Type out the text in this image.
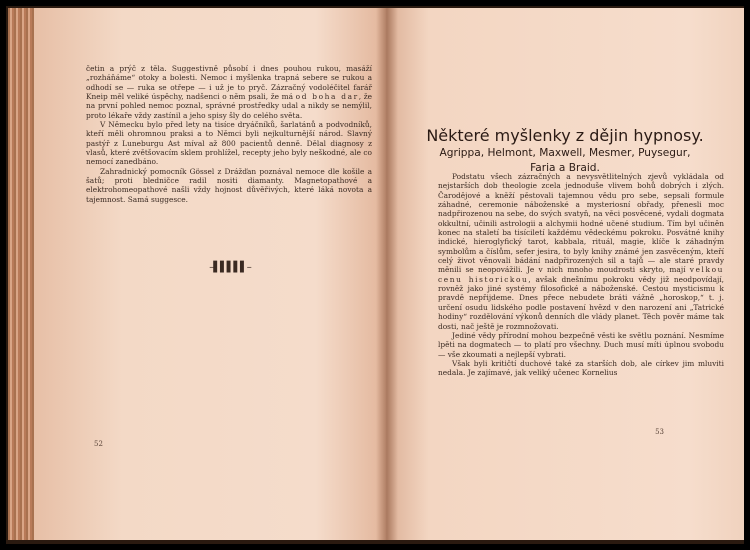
četin a prýč z těla. Suggestivně působí i dnes pouhou rukou, masáží „rozháňáme“ otoky a bolesti. Nemoc i myšlenka trapná sebere se rukou a odhodí se — ruka se otřepe — i už je to pryč. Zázračný vodoléčitel farář Kneip měl veliké úspěchy, nadšenci o něm psali, že má od boha dar, že na první pohled nemoc poznal, správné prostředky udal a nikdy se nemýlil, proto lékaře vždy zastínil a jeho spisy šly do celého světa.

V Německu bylo před lety na tisíce dryáčníků, šarlatánů a podvodníků, kteří měli ohromnou praksi a to Němci byli nejkulturnější národ. Slavný pastýř z Luneburgu Ast míval až 800 pacientů denně. Dělal diagnosy z vlasů, které zvětšovacím sklem prohlížel, recepty jeho byly neškodné, ale co nemocí zanedbáno.

Zahradnický pomocník Gössel z Drážďan poznával nemoce dle košile a šatů; proti bledničce radil nositi diamanty. Magnetopathové a elektrohomeopathové našli vždy hojnost důvěřivých, které láká novota a tajemnost. Samá suggesce.

–▌▌▌▌▌–
52
Některé myšlenky z dějin hypnosy.
Agrippa, Helmont, Maxwell, Mesmer, Puysegur,
Faria a Braid.

Podstatu všech zázračných a nevysvětlitelných zjevů vykládala od nejstarších dob theologie zcela jednoduše vlivem bohů dobrých i zlých. Čarodějové a kněží pěstovali tajemnou vědu pro sebe, sepsali formule záhadné, ceremonie náboženské a mysteriosní obřady, přenesli moc nadpřirozenou na sebe, do svých svatyň, na věci posvěcené, vydali dogmata okkultní, učinili astrologii a alchymii hodné učené studium. Tím byl učiněn konec na staletí ba tisíciletí každému vědeckému pokroku. Posvátné knihy indické, hieroglyfický tarot, kabbala, rituál, magie, klíče k záhadným symbolům a číslům, sefer jesira, to byly knihy známé jen zasvěceným, kteří celý život věnovali bádání nadpřirozených sil a tajů — ale staré pravdy měnili se neopovážili. Je v nich mnoho moudrosti skryto, mají velkou cenu historickou, avšak dnešnímu pokroku vědy již neodpovídají, rovněž jako jiné systémy filosofické a náboženské. Cestou mysticismu k pravdě nepřijdeme. Dnes přece nebudete bráti vážně „horoskop,“ t. j. určení osudu lidského podle postavení hvězd v den narození ani „Tatrické hodiny“ rozdělování výkonů denních dle vlády planet. Těch pověr máme tak dosti, nač ještě je rozmnožovati.

Jediné vědy přírodní mohou bezpečně věsti ke světlu poznání. Nesmíme lpěti na dogmatech — to platí pro všechny. Duch musí míti úplnou svobodu — vše zkoumati a nejlepší vybrati.

Však byli kritičtí duchové také za starších dob, ale církev jim mluviti nedala. Je zajímavé, jak veliký učenec Kornelius

53
